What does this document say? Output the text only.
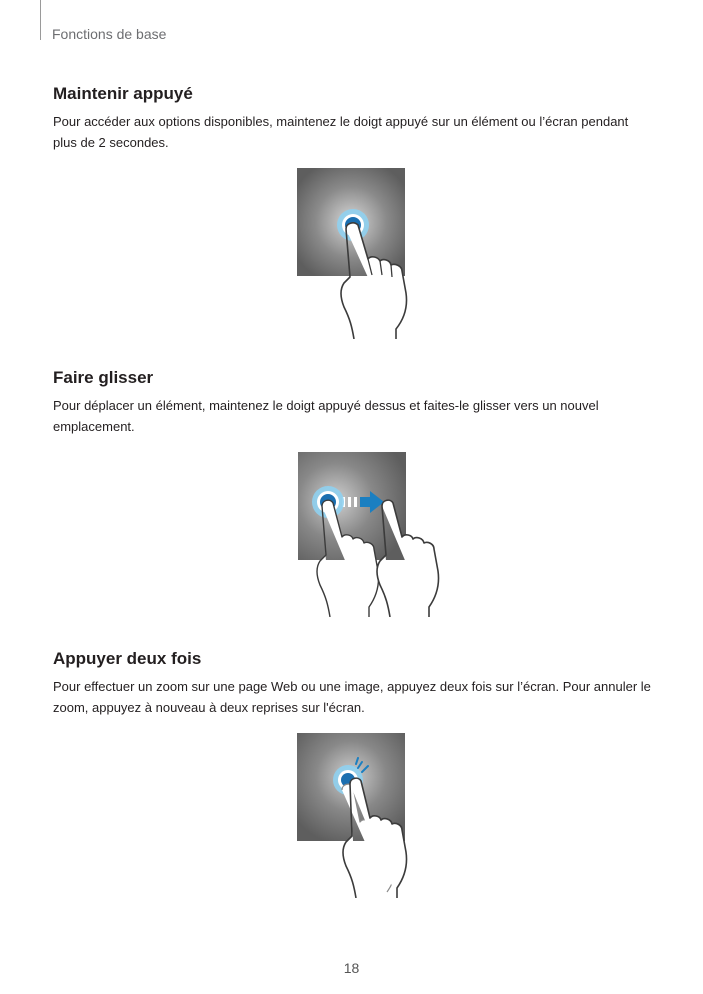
Fonctions de base
Maintenir appuyé

Pour accéder aux options disponibles, maintenez le doigt appuyé sur un élément ou l’écran pendant plus de 2 secondes.

Faire glisser

Pour déplacer un élément, maintenez le doigt appuyé dessus et faites-le glisser vers un nouvel emplacement.

Appuyer deux fois

Pour effectuer un zoom sur une page Web ou une image, appuyez deux fois sur l’écran. Pour annuler le zoom, appuyez à nouveau à deux reprises sur l'écran.

18
